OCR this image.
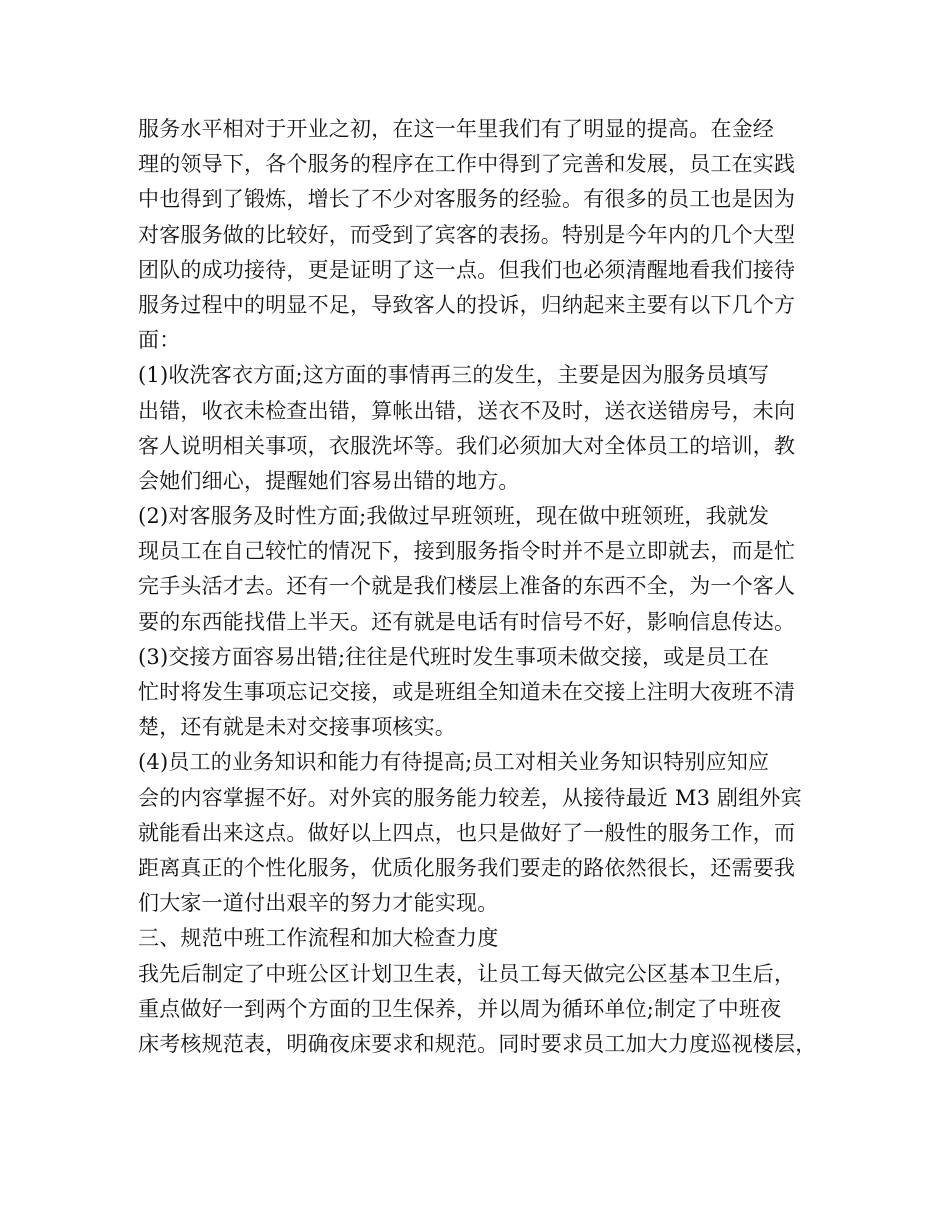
服务水平相对于开业之初，在这一年里我们有了明显的提高。在金经
理的领导下，各个服务的程序在工作中得到了完善和发展，员工在实践
中也得到了锻炼，增长了不少对客服务的经验。有很多的员工也是因为
对客服务做的比较好，而受到了宾客的表扬。特别是今年内的几个大型
团队的成功接待，更是证明了这一点。但我们也必须清醒地看我们接待
服务过程中的明显不足，导致客人的投诉，归纳起来主要有以下几个方
面：
(1)收洗客衣方面;这方面的事情再三的发生，主要是因为服务员填写
出错，收衣未检查出错，算帐出错，送衣不及时，送衣送错房号，未向
客人说明相关事项，衣服洗坏等。我们必须加大对全体员工的培训，教
会她们细心，提醒她们容易出错的地方。
(2)对客服务及时性方面;我做过早班领班，现在做中班领班，我就发
现员工在自己较忙的情况下，接到服务指令时并不是立即就去，而是忙
完手头活才去。还有一个就是我们楼层上准备的东西不全，为一个客人
要的东西能找借上半天。还有就是电话有时信号不好，影响信息传达。
(3)交接方面容易出错;往往是代班时发生事项未做交接，或是员工在
忙时将发生事项忘记交接，或是班组全知道未在交接上注明大夜班不清
楚，还有就是未对交接事项核实。
(4)员工的业务知识和能力有待提高;员工对相关业务知识特别应知应
会的内容掌握不好。对外宾的服务能力较差，从接待最近 M3 剧组外宾
就能看出来这点。做好以上四点，也只是做好了一般性的服务工作，而
距离真正的个性化服务，优质化服务我们要走的路依然很长，还需要我
们大家一道付出艰辛的努力才能实现。
三、规范中班工作流程和加大检查力度
我先后制定了中班公区计划卫生表，让员工每天做完公区基本卫生后，
重点做好一到两个方面的卫生保养，并以周为循环单位;制定了中班夜
床考核规范表，明确夜床要求和规范。同时要求员工加大力度巡视楼层，
